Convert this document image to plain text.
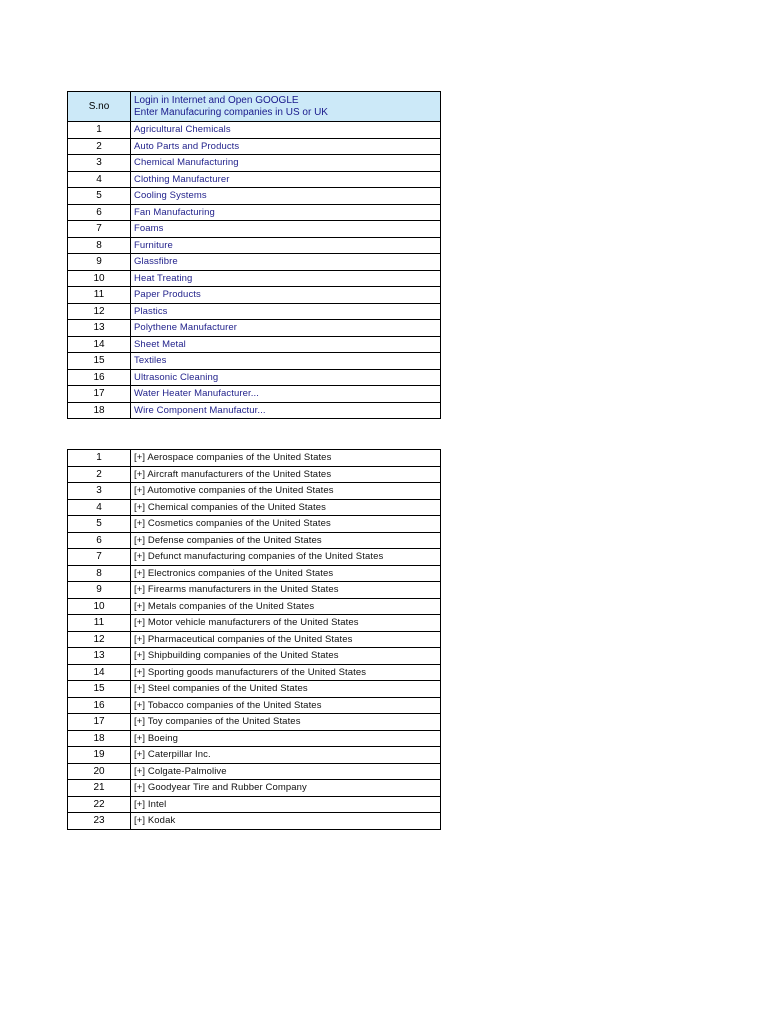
S.no	Login in Internet and Open GOOGLE
Enter Manufacuring companies in US or UK

1	Agricultural Chemicals
2	Auto Parts and Products
3	Chemical Manufacturing
4	Clothing Manufacturer
5	Cooling Systems
6	Fan Manufacturing
7	Foams
8	Furniture
9	Glassfibre
10	Heat Treating
11	Paper Products
12	Plastics
13	Polythene Manufacturer
14	Sheet Metal
15	Textiles
16	Ultrasonic Cleaning
17	Water Heater Manufacturer...
18	Wire Component Manufactur...
1	[+] Aerospace companies of the United States
2	[+] Aircraft manufacturers of the United States
3	[+] Automotive companies of the United States
4	[+] Chemical companies of the United States
5	[+] Cosmetics companies of the United States
6	[+] Defense companies of the United States
7	[+] Defunct manufacturing companies of the United States
8	[+] Electronics companies of the United States
9	[+] Firearms manufacturers in the United States
10	[+] Metals companies of the United States
11	[+] Motor vehicle manufacturers of the United States
12	[+] Pharmaceutical companies of the United States
13	[+] Shipbuilding companies of the United States
14	[+] Sporting goods manufacturers of the United States
15	[+] Steel companies of the United States
16	[+] Tobacco companies of the United States
17	[+] Toy companies of the United States
18	[+] Boeing
19	[+] Caterpillar Inc.
20	[+] Colgate-Palmolive
21	[+] Goodyear Tire and Rubber Company
22	[+] Intel
23	[+] Kodak
